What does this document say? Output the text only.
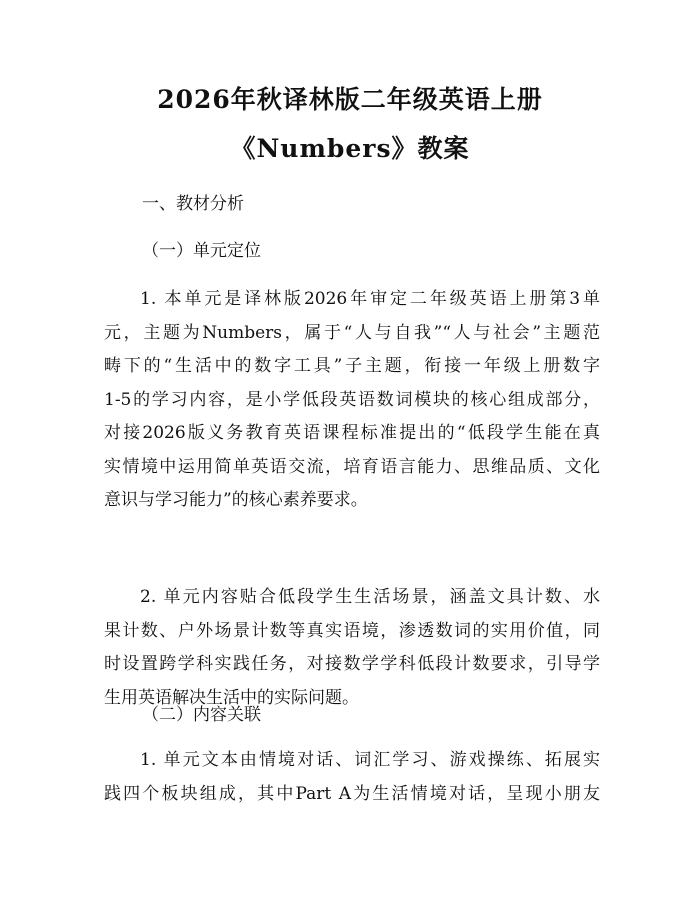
2026年秋译林版二年级英语上册
《Numbers》教案
一、教材分析
（一）单元定位
1. 本单元是译林版2026年审定二年级英语上册第3单
元，主题为Numbers，属于“人与自我”“人与社会”主题范
畴下的“生活中的数字工具”子主题，衔接一年级上册数字
1-5的学习内容，是小学低段英语数词模块的核心组成部分，
对接2026版义务教育英语课程标准提出的“低段学生能在真
实情境中运用简单英语交流，培育语言能力、思维品质、文化
意识与学习能力”的核心素养要求。
2. 单元内容贴合低段学生生活场景，涵盖文具计数、水
果计数、户外场景计数等真实语境，渗透数词的实用价值，同
时设置跨学科实践任务，对接数学学科低段计数要求，引导学
生用英语解决生活中的实际问题。
（二）内容关联
1. 单元文本由情境对话、词汇学习、游戏操练、拓展实
践四个板块组成，其中Part A为生活情境对话，呈现小朋友
